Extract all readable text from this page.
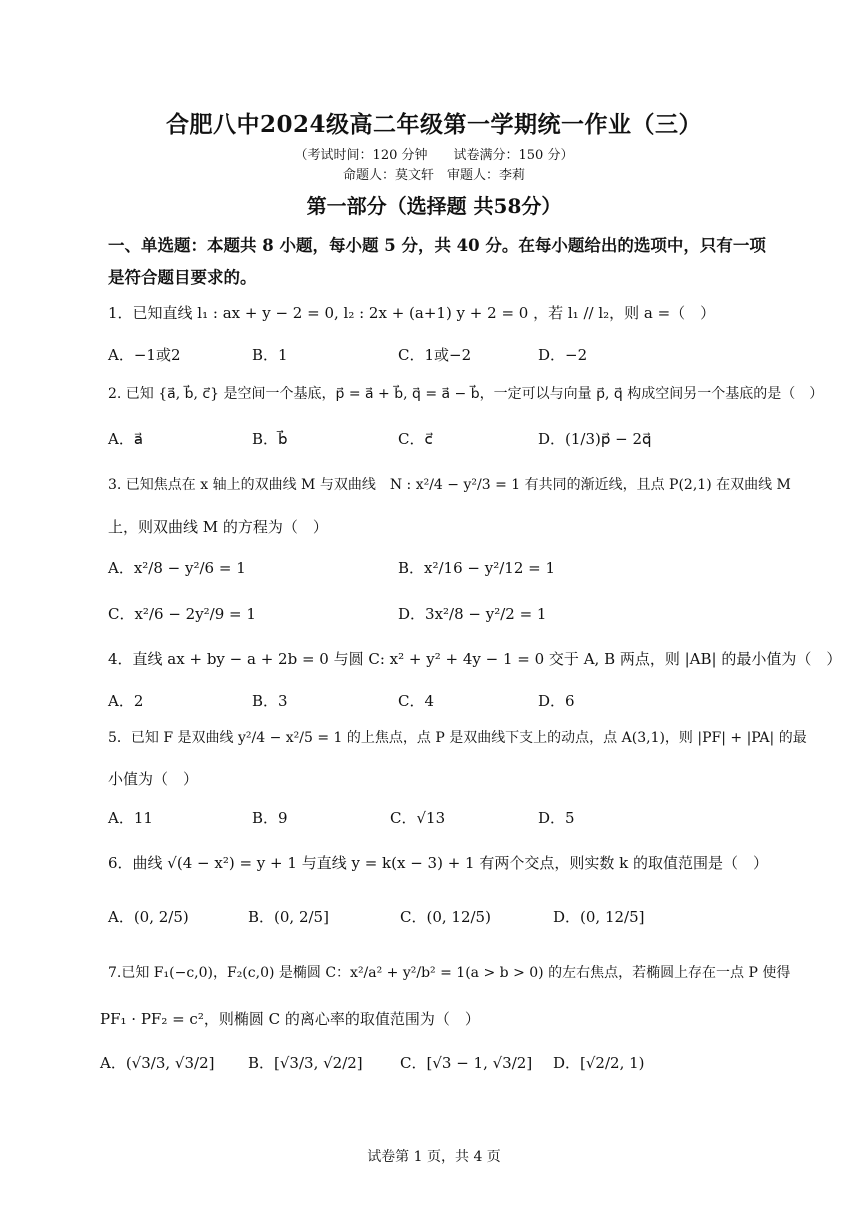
合肥八中2024级高二年级第一学期统一作业（三）
（考试时间：120 分钟　　试卷满分：150 分）
命题人：莫文轩　审题人：李莉
第一部分（选择题 共58分）
一、单选题：本题共 8 小题，每小题 5 分，共 40 分。在每小题给出的选项中，只有一项
是符合题目要求的。
1．已知直线 l₁ : ax + y − 2 = 0, l₂ : 2x + (a+1) y + 2 = 0 ，若 l₁ // l₂，则 a =（　）
A．−1或2	B．1	C．1或−2	D．−2
2. 已知 {a⃗, b⃗, c⃗} 是空间一个基底，p⃗ = a⃗ + b⃗, q⃗ = a⃗ − b⃗，一定可以与向量 p⃗, q⃗ 构成空间另一个基底的是（　）
A．a⃗	B．b⃗	C．c⃗	D．(1/3)p⃗ − 2q⃗
3. 已知焦点在 x 轴上的双曲线 M 与双曲线　N : x²/4 − y²/3 = 1 有共同的渐近线，且点 P(2,1) 在双曲线 M
上，则双曲线 M 的方程为（　）
A．x²/8 − y²/6 = 1	B．x²/16 − y²/12 = 1
C．x²/6 − 2y²/9 = 1	D．3x²/8 − y²/2 = 1
4．直线 ax + by − a + 2b = 0 与圆 C: x² + y² + 4y − 1 = 0 交于 A, B 两点，则 |AB| 的最小值为（　）
A．2	B．3	C．4	D．6
5．已知 F 是双曲线 y²/4 − x²/5 = 1 的上焦点，点 P 是双曲线下支上的动点，点 A(3,1)，则 |PF| + |PA| 的最
小值为（　）
A．11	B．9	C．√13	D．5
6．曲线 √(4 − x²) = y + 1 与直线 y = k(x − 3) + 1 有两个交点，则实数 k 的取值范围是（　）
A．(0, 2/5)	B．(0, 2/5]	C．(0, 12/5)	D．(0, 12/5]
7.已知 F₁(−c,0)，F₂(c,0) 是椭圆 C：x²/a² + y²/b² = 1(a > b > 0) 的左右焦点，若椭圆上存在一点 P 使得
PF₁ · PF₂ = c²，则椭圆 C 的离心率的取值范围为（　）
A．(√3/3, √3/2] B．[√3/3, √2/2] C．[√3 − 1, √3/2] D．[√2/2, 1)
试卷第 1 页，共 4 页
